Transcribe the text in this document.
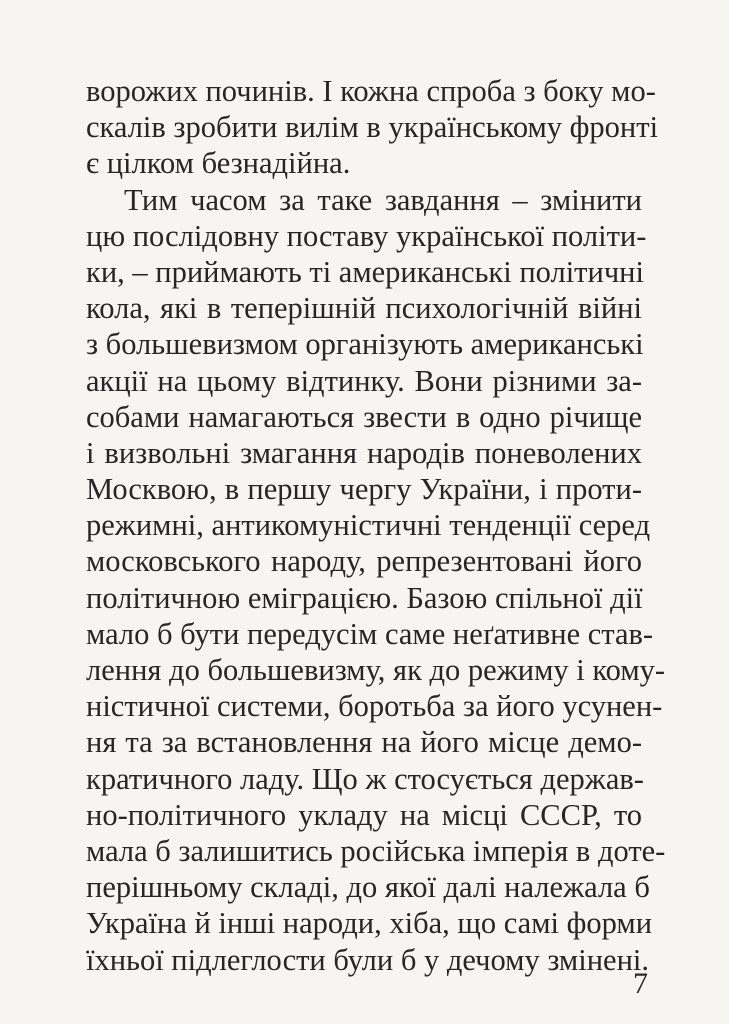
ворожих починів. І кожна спроба з боку мо-
скалів зробити вилім в українському фронті
є цілком безнадійна.
Тим часом за таке завдання – змінити
цю послідовну поставу української політи-
ки, – приймають ті американські політичні
кола, які в теперішній психологічній війні
з большевизмом організують американські
акції на цьому відтинку. Вони різними за-
собами намагаються звести в одно річище
і визвольні змагання народів поневолених
Москвою, в першу чергу України, і проти-
режимні, антикомуністичні тенденції серед
московського народу, репрезентовані його
політичною еміграцією. Базою спільної дії
мало б бути передусім саме неґативне став-
лення до большевизму, як до режиму і кому-
ністичної системи, боротьба за його усунен-
ня та за встановлення на його місце демо-
кратичного ладу. Що ж стосується держав-
но-політичного укладу на місці СССР, то
мала б залишитись російська імперія в доте-
перішньому складі, до якої далі належала б
Україна й інші народи, хіба, що самі форми
їхньої підлеглости були б у дечому змінені.
7
